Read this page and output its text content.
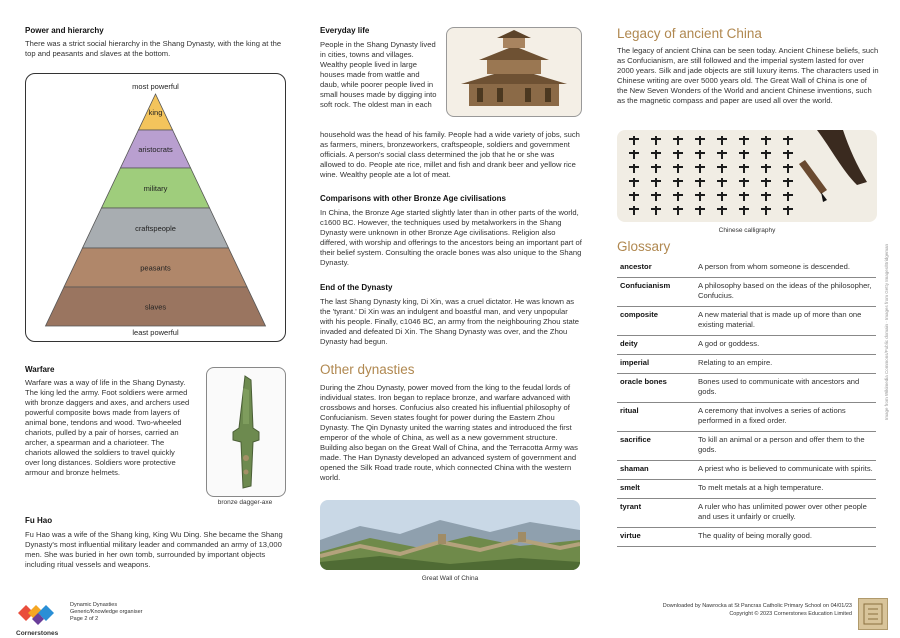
Power and hierarchy
There was a strict social hierarchy in the Shang Dynasty, with the king at the top and peasants and slaves at the bottom.
most powerful
king
aristocrats
military
craftspeople
peasants
slaves
least powerful
Warfare
Warfare was a way of life in the Shang Dynasty. The king led the army. Foot soldiers were armed with bronze daggers and axes, and archers used powerful composite bows made from layers of animal bone, tendons and wood. Two-wheeled chariots, pulled by a pair of horses, carried an archer, a spearman and a charioteer. The chariots allowed the soldiers to travel quickly over long distances. Soldiers wore protective armour and bronze helmets.
bronze dagger-axe
Fu Hao
Fu Hao was a wife of the Shang king, King Wu Ding. She became the Shang Dynasty's most influential military leader and commanded an army of 13,000 men. She was buried in her own tomb, surrounded by important objects including ritual vessels and weapons.
Everyday life
People in the Shang Dynasty lived in cities, towns and villages. Wealthy people lived in large houses made from wattle and daub, while poorer people lived in small houses made by digging into soft rock. The oldest man in each
household was the head of his family. People had a wide variety of jobs, such as farmers, miners, bronzeworkers, craftspeople, soldiers and government officials. A person's social class determined the job that he or she was allowed to do. People ate rice, millet and fish and drank beer and yellow rice wine. Wealthy people ate a lot of meat.
Comparisons with other Bronze Age civilisations
In China, the Bronze Age started slightly later than in other parts of the world, c1600 BC. However, the techniques used by metalworkers in the Shang Dynasty were unknown in other Bronze Age civilisations. Religion also differed, with worship and offerings to the ancestors being an important part of their belief system. Consulting the oracle bones was also unique to the Shang Dynasty.
End of the Dynasty
The last Shang Dynasty king, Di Xin, was a cruel dictator. He was known as the 'tyrant.' Di Xin was an indulgent and boastful man, and very unpopular with his people. Finally, c1046 BC, an army from the neighbouring Zhou state invaded and defeated Di Xin. The Shang Dynasty was over, and the Zhou Dynasty had begun.
Other dynasties
During the Zhou Dynasty, power moved from the king to the feudal lords of individual states. Iron began to replace bronze, and warfare advanced with crossbows and horses. Confucius also created his influential philosophy of Confucianism. Seven states fought for power during the Eastern Zhou Dynasty. The Qin Dynasty united the warring states and introduced the first emperor of the whole of China, as well as a new government structure. Building also began on the Great Wall of China, and the Terracotta Army was made. The Han Dynasty developed an advanced system of government and opened the Silk Road trade route, which connected China with the western world.
Great Wall of China
Legacy of ancient China
The legacy of ancient China can be seen today. Ancient Chinese beliefs, such as Confucianism, are still followed and the imperial system lasted for over 2000 years. Silk and jade objects are still luxury items. The characters used in Chinese writing are over 5000 years old. The Great Wall of China is one of the New Seven Wonders of the World and ancient Chinese inventions, such as the magnetic compass and paper are used all over the world.
Chinese calligraphy
Glossary
ancestor	A person from whom someone is descended.
Confucianism	A philosophy based on the ideas of the philosopher, Confucius.
composite	A new material that is made up of more than one existing material.
deity	A god or goddess.
imperial	Relating to an empire.
oracle bones	Bones used to communicate with ancestors and gods.
ritual	A ceremony that involves a series of actions performed in a fixed order.
sacrifice	To kill an animal or a person and offer them to the gods.
shaman	A priest who is believed to communicate with spirits.
smelt	To melt metals at a high temperature.
tyrant	A ruler who has unlimited power over other people and uses it unfairly or cruelly.
virtue	The quality of being morally good.
Image from Wikimedia Commons/Public domain · Images from Getty Images/Bridgeman
Cornerstones
Dynamic Dynasties
Generic/Knowledge organiser
Page 2 of 2
Downloaded by Nawrocka at St Pancras Catholic Primary School on 04/01/23
Copyright © 2023 Cornerstones Education Limited
